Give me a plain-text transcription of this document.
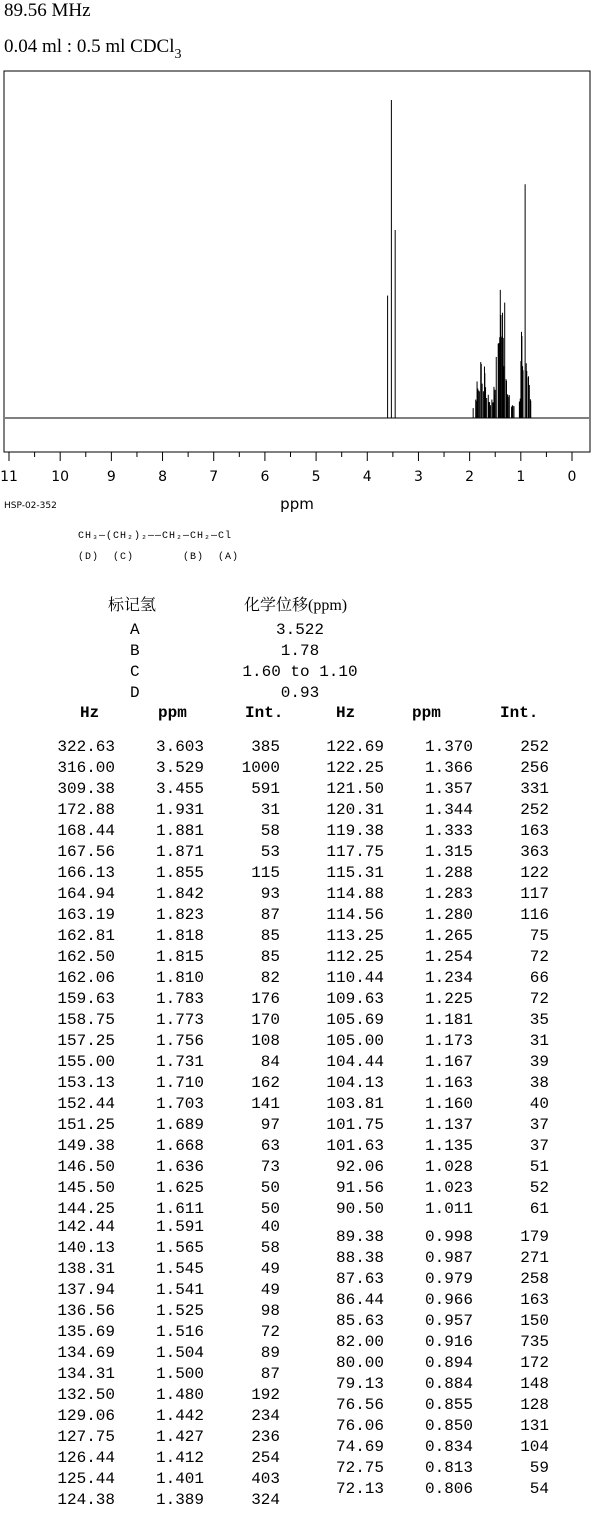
89.56 MHz
0.04 ml : 0.5 ml CDCl$_3$
11 10	9	8	7	6	5	4	3	2	1	0
ppm
HSP-02-352
CH₃—(CH₂)₂——CH₂—CH₂—Cl
(D)  (C)       (B)  (A)
标记氢	化学位移(ppm)
A	3.522
B	1.78
C	1.60 to 1.10
D	0.93
Hz	ppm	Int.	Hz	ppm	Int.
322.63	3.603	385
316.00	3.529	1000
309.38	3.455	591
172.88	1.931	31
168.44	1.881	58
167.56	1.871	53
166.13	1.855	115
164.94	1.842	93
163.19	1.823	87
162.81	1.818	85
162.50	1.815	85
162.06	1.810	82
159.63	1.783	176
158.75	1.773	170
157.25	1.756	108
155.00	1.731	84
153.13	1.710	162
152.44	1.703	141
151.25	1.689	97
149.38	1.668	63
146.50	1.636	73
145.50	1.625	50
144.25	1.611	50
142.44	1.591	40
140.13	1.565	58
138.31	1.545	49
137.94	1.541	49
136.56	1.525	98
135.69	1.516	72
134.69	1.504	89
134.31	1.500	87
132.50	1.480	192
129.06	1.442	234
127.75	1.427	236
126.44	1.412	254
125.44	1.401	403
124.38	1.389	324
122.69	1.370	252
122.25	1.366	256
121.50	1.357	331
120.31	1.344	252
119.38	1.333	163
117.75	1.315	363
115.31	1.288	122
114.88	1.283	117
114.56	1.280	116
113.25	1.265	75
112.25	1.254	72
110.44	1.234	66
109.63	1.225	72
105.69	1.181	35
105.00	1.173	31
104.44	1.167	39
104.13	1.163	38
103.81	1.160	40
101.75	1.137	37
101.63	1.135	37
92.06	1.028	51
91.56	1.023	52
90.50	1.011	61
89.38	0.998	179
88.38	0.987	271
87.63	0.979	258
86.44	0.966	163
85.63	0.957	150
82.00	0.916	735
80.00	0.894	172
79.13	0.884	148
76.56	0.855	128
76.06	0.850	131
74.69	0.834	104
72.75	0.813	59
72.13	0.806	54
